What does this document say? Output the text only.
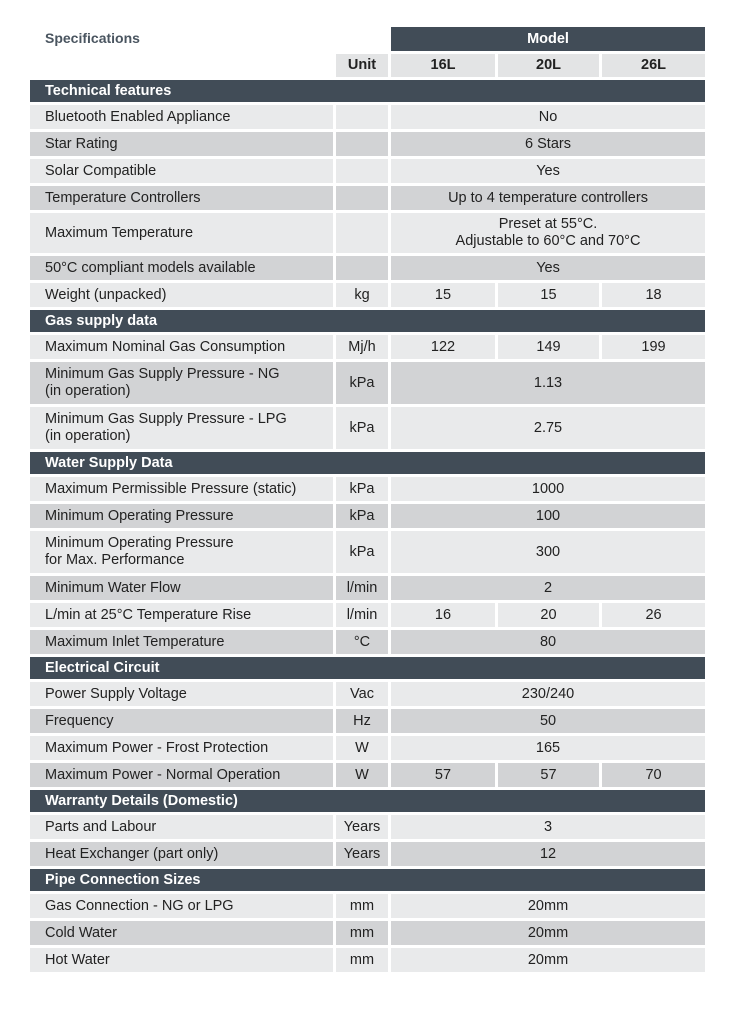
		Model		
	Unit	16L	20L	26L
Technical features				
Bluetooth Enabled Appliance		No		
Star Rating		6 Stars		
Solar Compatible		Yes		
Temperature Controllers		Up to 4 temperature controllers		
Maximum Temperature		Preset at 55°C.
Adjustable to 60°C and 70°C		
50°C compliant models available		Yes		
Weight (unpacked)	kg	15	15	18
Gas supply data				
Maximum Nominal Gas Consumption	Mj/h	122	149	199
Minimum Gas Supply Pressure - NG
(in operation)	kPa	1.13		
Minimum Gas Supply Pressure - LPG
(in operation)	kPa	2.75		
Water Supply Data				
Maximum Permissible Pressure (static)	kPa	1000		
Minimum Operating Pressure	kPa	100		
Minimum Operating Pressure
for Max. Performance	kPa	300		
Minimum Water Flow	l/min	2		
L/min at 25°C Temperature Rise	l/min	16	20	26
Maximum Inlet Temperature	°C	80		
Electrical Circuit				
Power Supply Voltage	Vac	230/240		
Frequency	Hz	50		
Maximum Power - Frost Protection	W	165		
Maximum Power - Normal Operation	W	57	57	70
Warranty Details (Domestic)				
Parts and Labour	Years	3		
Heat Exchanger (part only)	Years	12		
Pipe Connection Sizes				
Gas Connection - NG or LPG	mm	20mm		
Cold Water	mm	20mm		
Hot Water	mm	20mm		
Specifications
